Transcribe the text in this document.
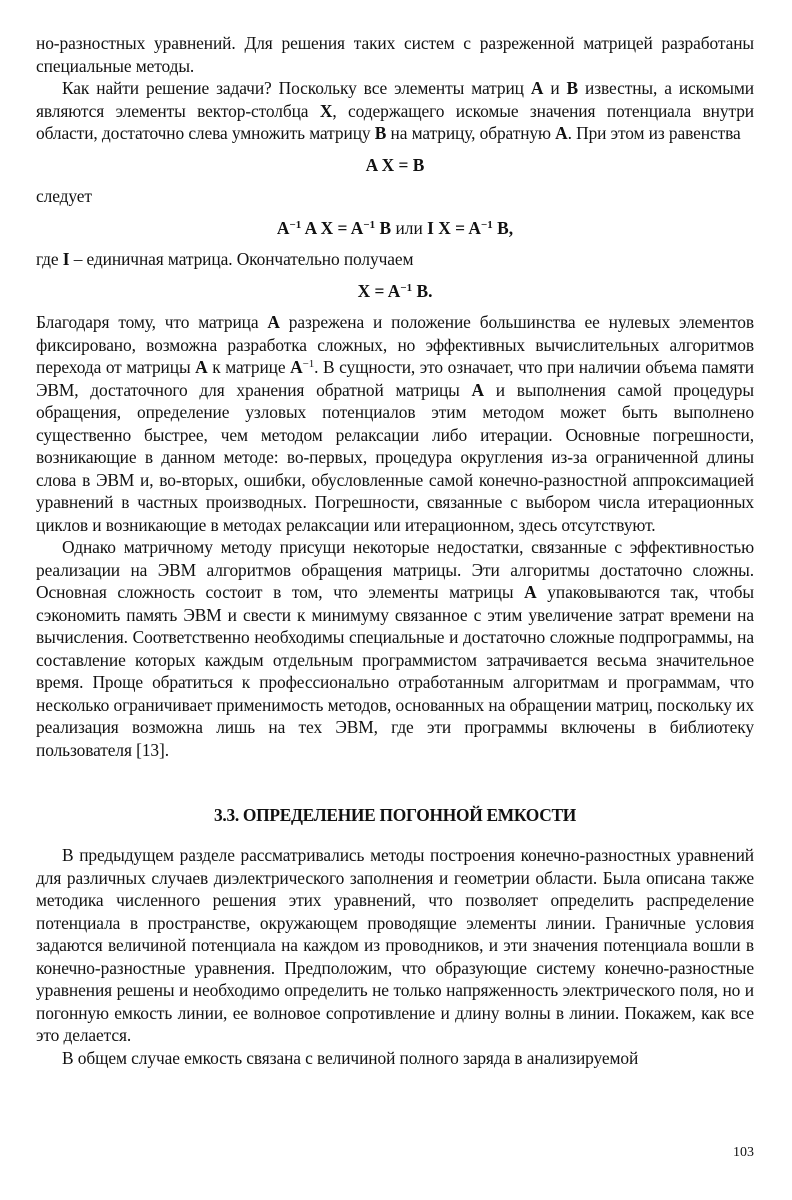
но-разностных уравнений. Для решения таких систем с разреженной матрицей разработаны специальные методы.

Как найти решение задачи? Поскольку все элементы матриц А и В известны, а искомыми являются элементы вектор-столбца X, содержащего искомые значения потенциала внутри области, достаточно слева умножить матрицу В на матрицу, обратную А. При этом из равенства

A X = B

следует

$A^{-1}$ A $X = A^{-1}$ B или I $X = A^{-1}$ B,

где I – единичная матрица. Окончательно получаем

$X = A^{-1}$ B.

Благодаря тому, что матрица А разрежена и положение большинства ее нулевых элементов фиксировано, возможна разработка сложных, но эффективных вычислительных алгоритмов перехода от матрицы А к матрице $А^{-1}$. В сущности, это означает, что при наличии объема памяти ЭВМ, достаточного для хранения обратной матрицы А и выполнения самой процедуры обращения, определение узловых потенциалов этим методом может быть выполнено существенно быстрее, чем методом релаксации либо итерации. Основные погрешности, возникающие в данном методе: во-первых, процедура округления из-за ограниченной длины слова в ЭВМ и, во-вторых, ошибки, обусловленные самой конечно-разностной аппроксимацией уравнений в частных производных. Погрешности, связанные с выбором числа итерационных циклов и возникающие в методах релаксации или итерационном, здесь отсутствуют.

Однако матричному методу присущи некоторые недостатки, связанные с эффективностью реализации на ЭВМ алгоритмов обращения матрицы. Эти алгоритмы достаточно сложны. Основная сложность состоит в том, что элементы матрицы А упаковываются так, чтобы сэкономить память ЭВМ и свести к минимуму связанное с этим увеличение затрат времени на вычисления. Соответственно необходимы специальные и достаточно сложные подпрограммы, на составление которых каждым отдельным программистом затрачивается весьма значительное время. Проще обратиться к профессионально отработанным алгоритмам и программам, что несколько ограничивает применимость методов, основанных на обращении матриц, поскольку их реализация возможна лишь на тех ЭВМ, где эти программы включены в библиотеку пользователя [13].

3.3. ОПРЕДЕЛЕНИЕ ПОГОННОЙ ЕМКОСТИ

В предыдущем разделе рассматривались методы построения конечно-разностных уравнений для различных случаев диэлектрического заполнения и геометрии области. Была описана также методика численного решения этих уравнений, что позволяет определить распределение потенциала в пространстве, окружающем проводящие элементы линии. Граничные условия задаются величиной потенциала на каждом из проводников, и эти значения потенциала вошли в конечно-разностные уравнения. Предположим, что образующие систему конечно-разностные уравнения решены и необходимо определить не только напряженность электрического поля, но и погонную емкость линии, ее волновое сопротивление и длину волны в линии. Покажем, как все это делается.

В общем случае емкость связана с величиной полного заряда в анализируемой

103
